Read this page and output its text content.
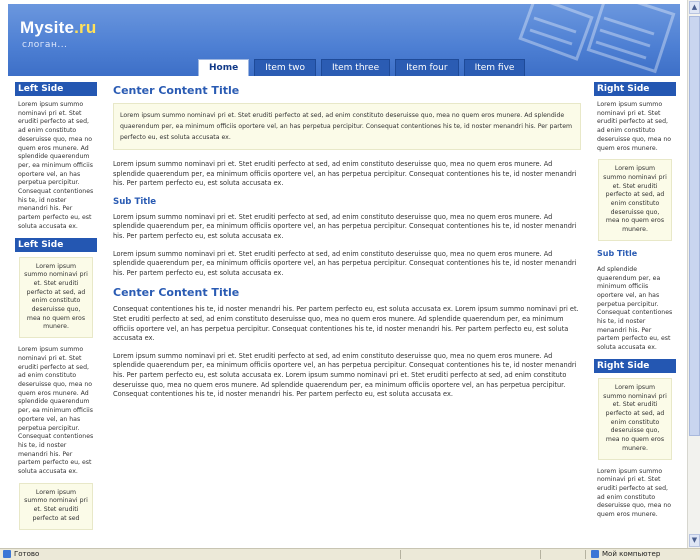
Mysite.ru
слоган...
Home	Item two	Item three	Item four	Item five
Left Side
Lorem ipsum summo nominavi pri et. Stet eruditi perfecto at sed, ad enim constituto deseruisse quo, mea no quem eros munere. Ad splendide quaerendum per, ea minimum officiis oportere vel, an has perpetua percipitur. Consequat contentiones his te, id noster menandri his. Per partem perfecto eu, est soluta accusata ex.
Left Side
Lorem ipsum summo nominavi pri et. Stet eruditi perfecto at sed, ad enim constituto deseruisse quo, mea no quem eros munere.
Lorem ipsum summo nominavi pri et. Stet eruditi perfecto at sed, ad enim constituto deseruisse quo, mea no quem eros munere. Ad splendide quaerendum per, ea minimum officiis oportere vel, an has perpetua percipitur. Consequat contentiones his te, id noster menandri his. Per partem perfecto eu, est soluta accusata ex.
Lorem ipsum summo nominavi pri et. Stet eruditi perfecto at sed
Center Content Title
Lorem ipsum summo nominavi pri et. Stet eruditi perfecto at sed, ad enim constituto deseruisse quo, mea no quem eros munere. Ad splendide quaerendum per, ea minimum officiis oportere vel, an has perpetua percipitur. Consequat contentiones his te, id noster menandri his. Per partem perfecto eu, est soluta accusata ex.
Lorem ipsum summo nominavi pri et. Stet eruditi perfecto at sed, ad enim constituto deseruisse quo, mea no quem eros munere. Ad splendide quaerendum per, ea minimum officiis oportere vel, an has perpetua percipitur. Consequat contentiones his te, id noster menandri his. Per partem perfecto eu, est soluta accusata ex.
Sub Title
Lorem ipsum summo nominavi pri et. Stet eruditi perfecto at sed, ad enim constituto deseruisse quo, mea no quem eros munere. Ad splendide quaerendum per, ea minimum officiis oportere vel, an has perpetua percipitur. Consequat contentiones his te, id noster menandri his. Per partem perfecto eu, est soluta accusata ex.
Lorem ipsum summo nominavi pri et. Stet eruditi perfecto at sed, ad enim constituto deseruisse quo, mea no quem eros munere. Ad splendide quaerendum per, ea minimum officiis oportere vel, an has perpetua percipitur. Consequat contentiones his te, id noster menandri his. Per partem perfecto eu, est soluta accusata ex.
Center Content Title
Consequat contentiones his te, id noster menandri his. Per partem perfecto eu, est soluta accusata ex. Lorem ipsum summo nominavi pri et. Stet eruditi perfecto at sed, ad enim constituto deseruisse quo, mea no quem eros munere. Ad splendide quaerendum per, ea minimum officiis oportere vel, an has perpetua percipitur. Consequat contentiones his te, id noster menandri his. Per partem perfecto eu, est soluta accusata ex.
Lorem ipsum summo nominavi pri et. Stet eruditi perfecto at sed, ad enim constituto deseruisse quo, mea no quem eros munere. Ad splendide quaerendum per, ea minimum officiis oportere vel, an has perpetua percipitur. Consequat contentiones his te, id noster menandri his. Per partem perfecto eu, est soluta accusata ex. Lorem ipsum summo nominavi pri et. Stet eruditi perfecto at sed, ad enim constituto deseruisse quo, mea no quem eros munere. Ad splendide quaerendum per, ea minimum officiis oportere vel, an has perpetua percipitur. Consequat contentiones his te, id noster menandri his. Per partem perfecto eu, est soluta accusata ex.
Right Side
Lorem ipsum summo nominavi pri et. Stet eruditi perfecto at sed, ad enim constituto deseruisse quo, mea no quem eros munere.
Lorem ipsum summo nominavi pri et. Stet eruditi perfecto at sed, ad enim constituto deseruisse quo, mea no quem eros munere.
Sub Title
Ad splendide quaerendum per, ea minimum officiis oportere vel, an has perpetua percipitur. Consequat contentiones his te, id noster menandri his. Per partem perfecto eu, est soluta accusata ex.
Right Side
Lorem ipsum summo nominavi pri et. Stet eruditi perfecto at sed, ad enim constituto deseruisse quo, mea no quem eros munere.
Lorem ipsum summo nominavi pri et. Stet eruditi perfecto at sed, ad enim constituto deseruisse quo, mea no quem eros munere.
▲
▼
Готово	Мой компьютер
